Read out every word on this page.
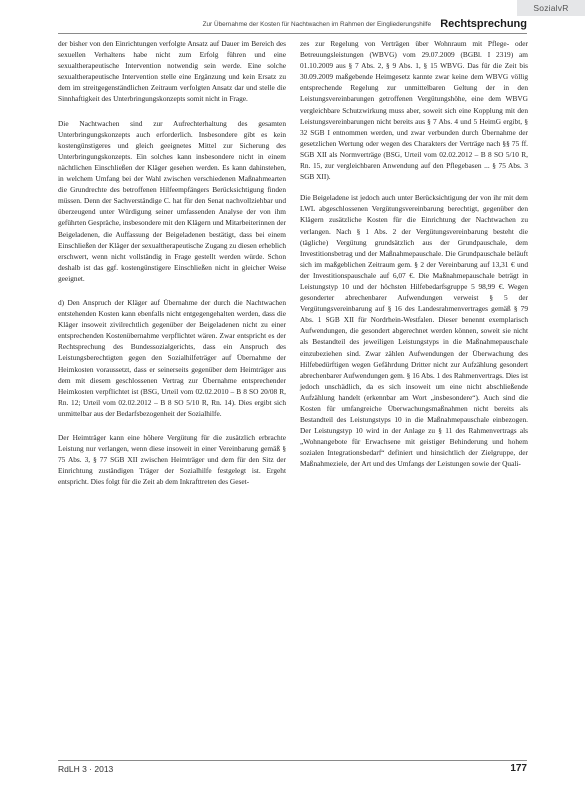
SozialvR
Zur Übernahme der Kosten für Nachtwachen im Rahmen der Eingliederungshilfe Rechtsprechung

der bisher von den Einrichtungen verfolgte Ansatz auf Dauer im Bereich des sexuellen Verhaltens habe nicht zum Erfolg führen und eine sexualtherapeutische Intervention notwendig sein werde. Eine solche sexualtherapeutische Intervention stelle eine Ergänzung und kein Ersatz zu dem im streitgegenständlichen Zeitraum verfolgten Ansatz dar und stelle die Sinnhaftigkeit des Unterbringungskonzepts somit nicht in Frage.

Die Nachtwachen sind zur Aufrechterhaltung des gesamten Unterbringungskonzepts auch erforderlich. Insbesondere gibt es kein kostengünstigeres und gleich geeignetes Mittel zur Sicherung des Unterbringungskonzepts. Ein solches kann insbesondere nicht in einem nächtlichen Einschließen der Kläger gesehen werden. Es kann dahinstehen, in welchem Umfang bei der Wahl zwischen verschiedenen Maßnahmearten die Grundrechte des betroffenen Hilfeempfängers Berücksichtigung finden müssen. Denn der Sachverständige C. hat für den Senat nachvollziehbar und überzeugend unter Würdigung seiner umfassenden Analyse der von ihm geführten Gespräche, insbesondere mit den Klägern und Mitarbeiterinnen der Beigeladenen, die Auffassung der Beigeladenen bestätigt, dass bei einem Einschließen der Kläger der sexualtherapeutische Zugang zu diesen erheblich erschwert, wenn nicht vollständig in Frage gestellt werden würde. Schon deshalb ist das ggf. kostengünstigere Einschließen nicht in gleicher Weise geeignet.

d) Den Anspruch der Kläger auf Übernahme der durch die Nachtwachen entstehenden Kosten kann ebenfalls nicht entgegengehalten werden, dass die Kläger insoweit zivilrechtlich gegenüber der Beigeladenen nicht zu einer entsprechenden Kostenübernahme verpflichtet wären. Zwar entspricht es der Rechtsprechung des Bundessozialgerichts, dass ein Anspruch des Leistungsberechtigten gegen den Sozialhilfeträger auf Übernahme der Heimkosten voraussetzt, dass er seinerseits gegenüber dem Heimträger aus dem mit diesem geschlossenen Vertrag zur Übernahme entsprechender Heimkosten verpflichtet ist (BSG, Urteil vom 02.02.2010 – B 8 SO 20/08 R, Rn. 12; Urteil vom 02.02.2012 – B 8 SO 5/10 R, Rn. 14). Dies ergibt sich unmittelbar aus der Bedarfsbezogenheit der Sozialhilfe.

Der Heimträger kann eine höhere Vergütung für die zusätzlich erbrachte Leistung nur verlangen, wenn diese insoweit in einer Vereinbarung gemäß § 75 Abs. 3, § 77 SGB XII zwischen Heimträger und dem für den Sitz der Einrichtung zuständigen Träger der Sozialhilfe festgelegt ist. Ergeht entspricht. Dies folgt für die Zeit ab dem Inkrafttreten des Geset-

zes zur Regelung von Verträgen über Wohnraum mit Pflege- oder Betreuungsleistungen (WBVG) vom 29.07.2009 (BGBl. I 2319) am 01.10.2009 aus § 7 Abs. 2, § 9 Abs. 1, § 15 WBVG. Das für die Zeit bis 30.09.2009 maßgebende Heimgesetz kannte zwar keine dem WBVG völlig entsprechende Regelung zur unmittelbaren Geltung der in den Leistungsvereinbarungen getroffenen Vergütungshöhe, eine dem WBVG vergleichbare Schutzwirkung muss aber, soweit sich eine Kopplung mit den Leistungsvereinbarungen nicht bereits aus § 7 Abs. 4 und 5 HeimG ergibt, § 32 SGB I entnommen werden, und zwar verbunden durch Übernahme der gesetzlichen Wertung oder wegen des Charakters der Verträge nach §§ 75 ff. SGB XII als Normverträge (BSG, Urteil vom 02.02.2012 – B 8 SO 5/10 R, Rn. 15, zur vergleichbaren Anwendung auf den Pflegebasen ... § 75 Abs. 3 SGB XII).

Die Beigeladene ist jedoch auch unter Berücksichtigung der von ihr mit dem LWL abgeschlossenen Vergütungsvereinbarung berechtigt, gegenüber den Klägern zusätzliche Kosten für die Einrichtung der Nachtwachen zu verlangen. Nach § 1 Abs. 2 der Vergütungsvereinbarung besteht die (tägliche) Vergütung grundsätzlich aus der Grundpauschale, dem Investitionsbetrag und der Maßnahmepauschale. Die Grundpauschale beläuft sich im maßgeblichen Zeitraum gem. § 2 der Vereinbarung auf 13,31 € und der Investitionspauschale auf 6,07 €. Die Maßnahmepauschale beträgt in Leistungstyp 10 und der höchsten Hilfebedarfsgruppe 5 98,99 €. Wegen gesonderter abrechenbarer Aufwendungen verweist § 5 der Vergütungsvereinbarung auf § 16 des Landesrahmenvertrages gemäß § 79 Abs. 1 SGB XII für Nordrhein-Westfalen. Dieser benennt exemplarisch Aufwendungen, die gesondert abgerechnet werden können, soweit sie nicht als Bestandteil des jeweiligen Leistungstyps in die Maßnahmepauschale einzubeziehen sind. Zwar zählen Aufwendungen der Überwachung des Hilfebedürftigen wegen Gefährdung Dritter nicht zur Aufzählung gesondert abrechenbarer Aufwendungen gem. § 16 Abs. 1 des Rahmenvertrags. Dies ist jedoch unschädlich, da es sich insoweit um eine nicht abschließende Aufzählung handelt (erkennbar am Wort „insbesondere“). Auch sind die Kosten für umfangreiche Überwachungsmaßnahmen nicht bereits als Bestandteil des Leistungstyps 10 in die Maßnahmepauschale einbezogen. Der Leistungstyp 10 wird in der Anlage zu § 11 des Rahmenvertrags als „Wohnangebote für Erwachsene mit geistiger Behinderung und hohem sozialen Integrationsbedarf“ definiert und hinsichtlich der Zielgruppe, der Maßnahmeziele, der Art und des Umfangs der Leistungen sowie der Quali-

RdLH 3 · 2013	177
